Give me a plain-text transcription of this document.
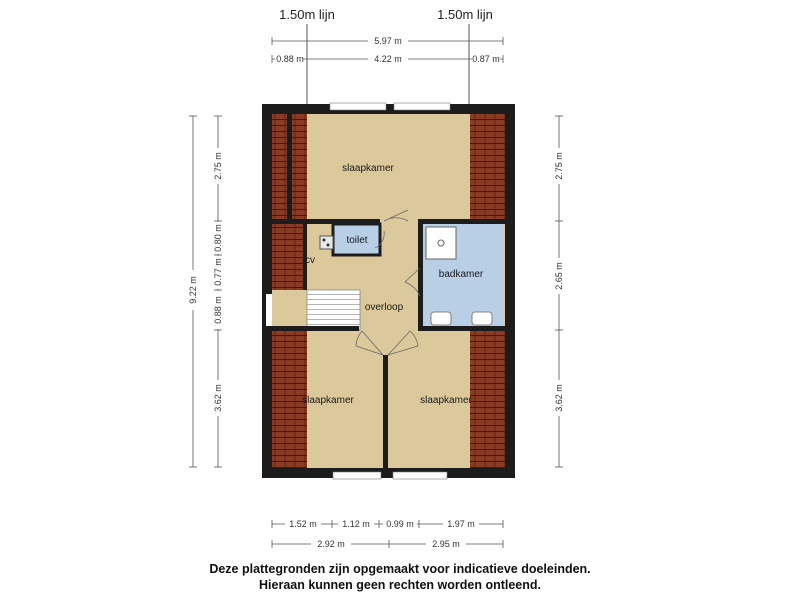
1.50m lijn	1.50m lijn
5.97 m
0.88 m	4.22 m	0.87 m
9.22 m
2.75 m
0.80 m
0.77 m
0.88 m
3.62 m
2.75 m
2.65 m
3.62 m
slaapkamer
toilet
cv
badkamer
overloop
slaapkamer	slaapkamer
1.52 m	1.12 m 0.99 m	1.97 m
2.92 m	2.95 m
Deze plattegronden zijn opgemaakt voor indicatieve doeleinden.
Hieraan kunnen geen rechten worden ontleend.
